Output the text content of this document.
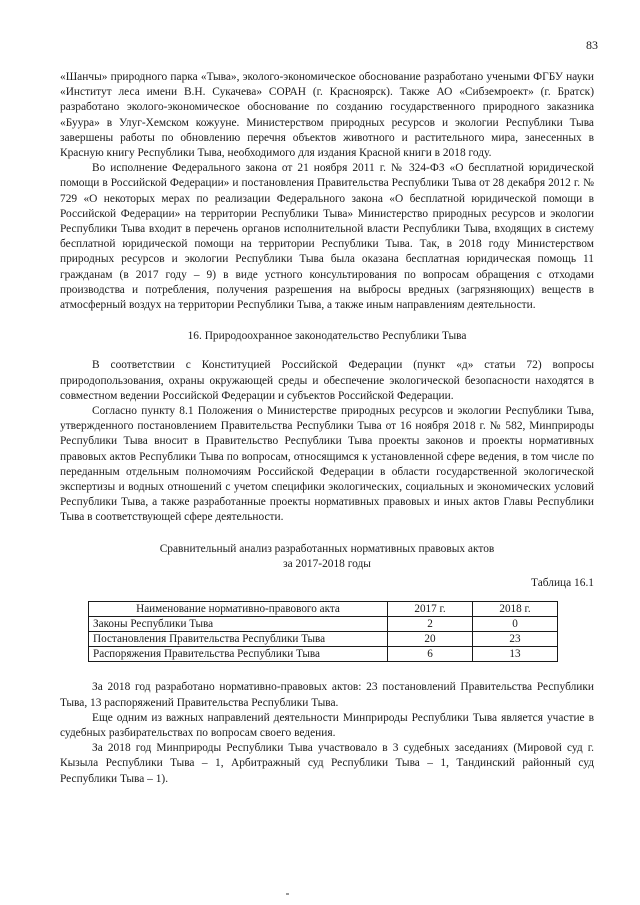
83

«Шанчы» природного парка «Тыва», эколого-экономическое обоснование разработано учеными ФГБУ науки «Институт леса имени В.Н. Сукачева» СОРАН (г. Красноярск). Также АО «Сибземроект» (г. Братск) разработано эколого-экономическое обоснование по созданию государственного природного заказника «Буура» в Улуг-Хемском кожууне. Министерством природных ресурсов и экологии Республики Тыва завершены работы по обновлению перечня объектов животного и растительного мира, занесенных в Красную книгу Республики Тыва, необходимого для издания Красной книги в 2018 году.

Во исполнение Федерального закона от 21 ноября 2011 г. № 324-ФЗ «О бесплатной юридической помощи в Российской Федерации» и постановления Правительства Республики Тыва от 28 декабря 2012 г. № 729 «О некоторых мерах по реализации Федерального закона «О бесплатной юридической помощи в Российской Федерации» на территории Республики Тыва» Министерство природных ресурсов и экологии Республики Тыва входит в перечень органов исполнительной власти Республики Тыва, входящих в систему бесплатной юридической помощи на территории Республики Тыва. Так, в 2018 году Министерством природных ресурсов и экологии Республики Тыва была оказана бесплатная юридическая помощь 11 гражданам (в 2017 году – 9) в виде устного консультирования по вопросам обращения с отходами производства и потребления, получения разрешения на выбросы вредных (загрязняющих) веществ в атмосферный воздух на территории Республики Тыва, а также иным направлениям деятельности.

16. Природоохранное законодательство Республики Тыва

В соответствии с Конституцией Российской Федерации (пункт «д» статьи 72) вопросы природопользования, охраны окружающей среды и обеспечение экологической безопасности находятся в совместном ведении Российской Федерации и субъектов Российской Федерации.

Согласно пункту 8.1 Положения о Министерстве природных ресурсов и экологии Республики Тыва, утвержденного постановлением Правительства Республики Тыва от 16 ноября 2018 г. № 582, Минприроды Республики Тыва вносит в Правительство Республики Тыва проекты законов и проекты нормативных правовых актов Республики Тыва по вопросам, относящимся к установленной сфере ведения, в том числе по переданным отдельным полномочиям Российской Федерации в области государственной экологической экспертизы и водных отношений с учетом специфики экологических, социальных и экономических условий Республики Тыва, а также разработанные проекты нормативных правовых и иных актов Главы Республики Тыва в соответствующей сфере деятельности.

Сравнительный анализ разработанных нормативных правовых актов
за 2017-2018 годы

Таблица 16.1

Наименование нормативно-правового акта	2017 г.	2018 г.
Законы Республики Тыва	2	0
Постановления Правительства Республики Тыва	20	23
Распоряжения Правительства Республики Тыва	6	13

За 2018 год разработано нормативно-правовых актов: 23 постановлений Правительства Республики Тыва, 13 распоряжений Правительства Республики Тыва.

Еще одним из важных направлений деятельности Минприроды Республики Тыва является участие в судебных разбирательствах по вопросам своего ведения.

За 2018 год Минприроды Республики Тыва участвовало в 3 судебных заседаниях (Мировой суд г. Кызыла Республики Тыва – 1, Арбитражный суд Республики Тыва – 1, Тандинский районный суд Республики Тыва – 1).
